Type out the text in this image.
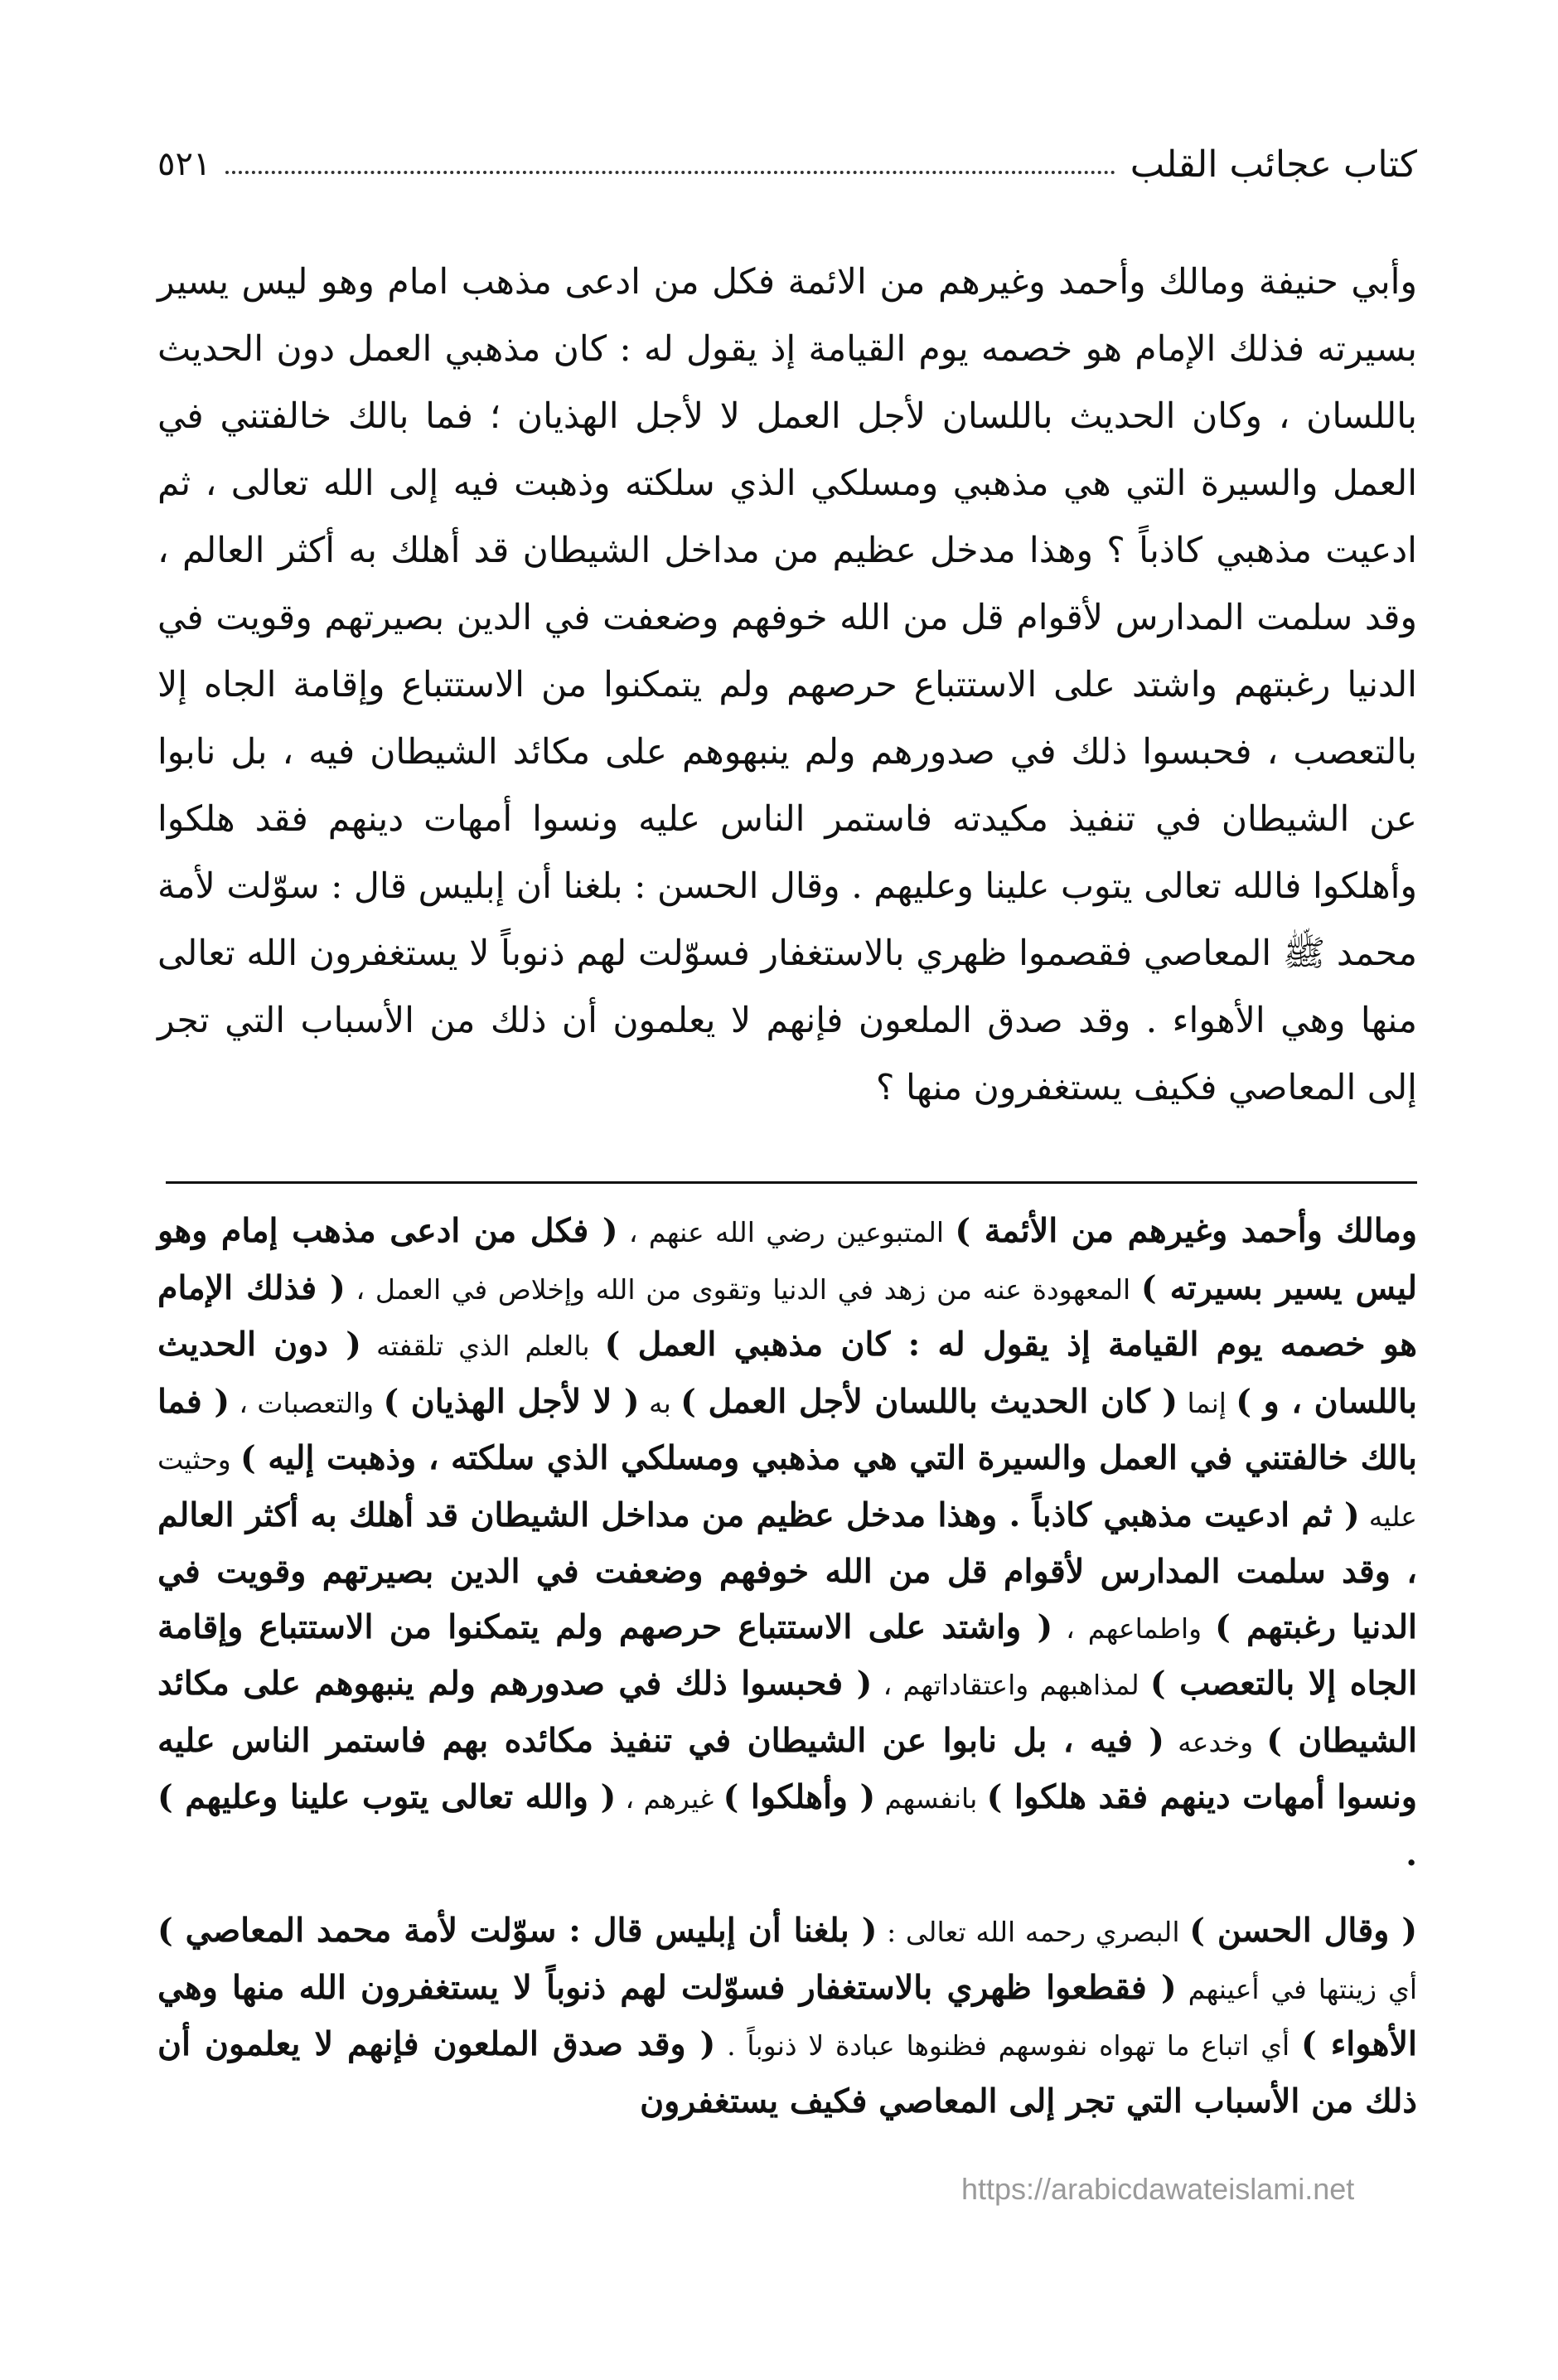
كتاب عجائب القلب
٥٢١

وأبي حنيفة ومالك وأحمد وغيرهم من الائمة فكل من ادعى مذهب امام وهو ليس يسير بسيرته فذلك الإمام هو خصمه يوم القيامة إذ يقول له : كان مذهبي العمل دون الحديث باللسان ، وكان الحديث باللسان لأجل العمل لا لأجل الهذيان ؛ فما بالك خالفتني في العمل والسيرة التي هي مذهبي ومسلكي الذي سلكته وذهبت فيه إلى الله تعالى ، ثم ادعيت مذهبي كاذباً ؟ وهذا مدخل عظيم من مداخل الشيطان قد أهلك به أكثر العالم ، وقد سلمت المدارس لأقوام قل من الله خوفهم وضعفت في الدين بصيرتهم وقويت في الدنيا رغبتهم واشتد على الاستتباع حرصهم ولم يتمكنوا من الاستتباع وإقامة الجاه إلا بالتعصب ، فحبسوا ذلك في صدورهم ولم ينبهوهم على مكائد الشيطان فيه ، بل نابوا عن الشيطان في تنفيذ مكيدته فاستمر الناس عليه ونسوا أمهات دينهم فقد هلكوا وأهلكوا فالله تعالى يتوب علينا وعليهم . وقال الحسن : بلغنا أن إبليس قال : سوّلت لأمة محمد ﷺ المعاصي فقصموا ظهري بالاستغفار فسوّلت لهم ذنوباً لا يستغفرون الله تعالى منها وهي الأهواء . وقد صدق الملعون فإنهم لا يعلمون أن ذلك من الأسباب التي تجر إلى المعاصي فكيف يستغفرون منها ؟

ومالك وأحمد وغيرهم من الأئمة ) المتبوعين رضي الله عنهم ، ( فكل من ادعى مذهب إمام وهو ليس يسير بسيرته ) المعهودة عنه من زهد في الدنيا وتقوى من الله وإخلاص في العمل ، ( فذلك الإمام هو خصمه يوم القيامة إذ يقول له : كان مذهبي العمل ) بالعلم الذي تلقفته ( دون الحديث باللسان ، و ) إنما ( كان الحديث باللسان لأجل العمل ) به ( لا لأجل الهذيان ) والتعصبات ، ( فما بالك خالفتني في العمل والسيرة التي هي مذهبي ومسلكي الذي سلكته ، وذهبت إليه ) وحثيت عليه ( ثم ادعيت مذهبي كاذباً . وهذا مدخل عظيم من مداخل الشيطان قد أهلك به أكثر العالم ، وقد سلمت المدارس لأقوام قل من الله خوفهم وضعفت في الدين بصيرتهم وقويت في الدنيا رغبتهم ) واطماعهم ، ( واشتد على الاستتباع حرصهم ولم يتمكنوا من الاستتباع وإقامة الجاه إلا بالتعصب ) لمذاهبهم واعتقاداتهم ، ( فحبسوا ذلك في صدورهم ولم ينبهوهم على مكائد الشيطان ) وخدعه ( فيه ، بل نابوا عن الشيطان في تنفيذ مكائده بهم فاستمر الناس عليه ونسوا أمهات دينهم فقد هلكوا ) بانفسهم ( وأهلكوا ) غيرهم ، ( والله تعالى يتوب علينا وعليهم ) .

( وقال الحسن ) البصري رحمه الله تعالى : ( بلغنا أن إبليس قال : سوّلت لأمة محمد المعاصي ) أي زينتها في أعينهم ( فقطعوا ظهري بالاستغفار فسوّلت لهم ذنوباً لا يستغفرون الله منها وهي الأهواء ) أي اتباع ما تهواه نفوسهم فظنوها عبادة لا ذنوباً . ( وقد صدق الملعون فإنهم لا يعلمون أن ذلك من الأسباب التي تجر إلى المعاصي فكيف يستغفرون

https://arabicdawateislami.net
